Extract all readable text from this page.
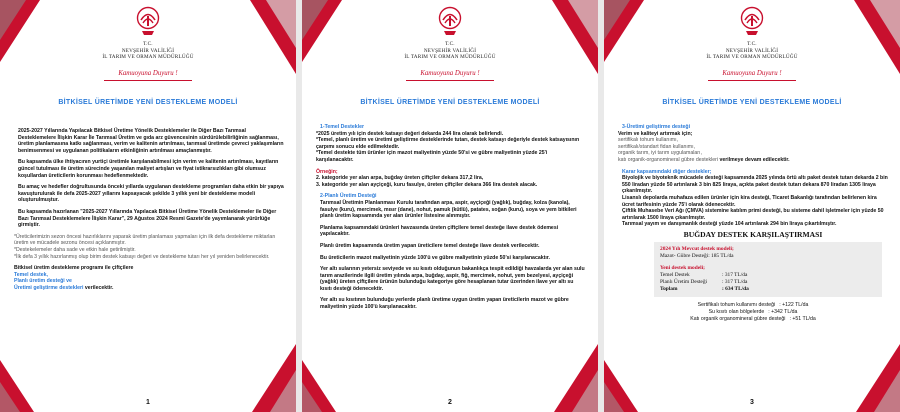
T.C.
NEVŞEHİR VALİLİĞİ
İL TARIM VE ORMAN MÜDÜRLÜĞÜ
Kamuoyuna Duyuru !
BİTKİSEL ÜRETİMDE YENİ DESTEKLEME MODELİ

2025-2027 Yıllarında Yapılacak Bitkisel Üretime Yönelik Desteklemeler ile Diğer Bazı Tarımsal Desteklemelere İlişkin Karar İle Tarımsal Üretim ve gıda arz güvencesinin sürdürülebilirliğinin sağlanması, üretim planlamasına katkı sağlanması, verim ve kalitenin artırılması, tarımsal üretimde çevreci yaklaşımların benimsenmesi ve uygulanan politikaların etkinliğinin artırılması amaçlanmıştır.

Bu kapsamda ülke ihtiyacının yurtiçi üretimle karşılanabilmesi için verim ve kalitenin artırılması, kayıtların güncel tutulması ile üretim sürecinde yaşanılan maliyet artışları ve fiyat istikrarsızlıkları gibi olumsuz koşullardan üreticilerin korunması hedeflenmektedir.

Bu amaç ve hedefler doğrultusunda önceki yıllarda uygulanan destekleme programları daha etkin bir yapıya kavuşturulurak ile defa 2025-2027 yıllarını kapsayacak şekilde 3 yıllık yeni bir destekleme modeli oluşturulmuştur.

Bu kapsamda hazırlanan "2025-2027 Yıllarında Yapılacak Bitkisel Üretime Yönelik Desteklemeler ile Diğer Bazı Tarımsal Desteklemelere İlişkin Karar", 29 Ağustos 2024 Resmi Gazete'de yayımlanarak yürürlüğe girmiştir.

*Üreticilerimizin sezon öncesi hazırlıklarını yaparak üretim planlaması yapmaları için ilk defa destekleme miktarları üretim ve mücadele sezonu öncesi açıklanmıştır.
*Destekelemeler daha sade ve etkin hale getirilmiştir.
*İlk defa 3 yıllık hazırlanmış olup birim destek katsayı değeri ve destekleme tutarı her yıl yeniden belirlenecektir.
Bitkisel üretim destekleme programı ile çiftçilere
Temel destek,
Planlı üretim desteği ve
Üretimi geliştirme destekleri verilecektir.
1
T.C.
NEVŞEHİR VALİLİĞİ
İL TARIM VE ORMAN MÜDÜRLÜĞÜ
Kamuoyuna Duyuru !
BİTKİSEL ÜRETİMDE YENİ DESTEKLEME MODELİ
1-Temel Destekler
*2025 üretim yılı için destek katsayı değeri dekarda 244 lira olarak belirlendi.
*Temel, planlı üretim ve üretimi geliştirme desteklerinde tutarı, destek katsayı değeriyle destek katsayısının çarpımı sonucu elde edilmektedir.

*Temel destekte tüm ürünler için mazot maliyetinin yüzde 50'si ve gübre maliyetinin yüzde 25'i karşılanacaktır.

Örneğin;
2. kategoride yer alan arpa, buğday üreten çiftçiler dekara 317,2 lira,

3. kategoride yer alan ayçiçeği, kuru fasulye, üreten çiftçiler dekara 366 lira destek alacak.

2-Planlı Üretim Desteği

Tarımsal Üretimin Planlanması Kurulu tarafından arpa, aspir, ayçiçeği (yağlık), buğday, kolza (kanola), fasulye (kuru), mercimek, mısır (dane), nohut, pamuk (kütlü), patates, soğan (kuru), soya ve yem bitkileri planlı üretim kapsamında yer alan ürünler listesine alınmıştır.

Planlama kapsamındaki ürünleri havzasında üreten çiftçilere temel desteğe ilave destek ödemesi yapılacaktır.

Planlı üretim kapsamında üretim yapan üreticilere temel desteğe ilave destek verilecektir.

Bu üreticilerin mazot maliyetinin yüzde 100'ü ve gübre maliyetinin yüzde 50'si karşılanacaktır.

Yer altı sularının yetersiz seviyede ve su kısıtı olduğunun bakanlıkça tespit edildiği havzalarda yer alan sulu tarım arazilerinde ilgili üretim yılında arpa, buğday, aspir, fiğ, mercimek, nohut, yem bezelyesi, ayçiçeği (yağlık) üreten çiftçilere ürünün bulunduğu kategoriye göre hesaplanan tutar üzerinden ilave yer altı su kısıtı desteği ödenecektir.

Yer altı su kısıtının bulunduğu yerlerde planlı üretime uygun üretim yapan üreticilerin mazot ve gübre maliyetinin yüzde 100'ü karşılanacaktır.

2
T.C.
NEVŞEHİR VALİLİĞİ
İL TARIM VE ORMAN MÜDÜRLÜĞÜ
Kamuoyuna Duyuru !
BİTKİSEL ÜRETİMDE YENİ DESTEKLEME MODELİ
3-Üretimi geliştirme desteği
Verim ve kaliteyi artırmak için;
sertifikalı tohum kullanımı,
sertifikalı/standart fidan kullanımı,
organik tarım, iyi tarım uygulamaları,

katı organik-organomineral gübre destekleri verilmeye devam edilecektir.

Karar kapsamındaki diğer destekler;
Biyolojik ve biyoteknik mücadele desteği kapsamında 2025 yılında örtü altı paket destek tutarı dekarda 2 bin 550 liradan yüzde 50 artırılarak 3 bin 825 liraya, açıkta paket destek tutarı dekara 870 liradan 1305 liraya çıkarılmıştır.
Lisanslı depolarda muhafaza edilen ürünler için kira desteği, Ticaret Bakanlığı tarafından belirlenen kira ücret tarifesinin yüzde 75'i olarak ödenecektir.
Çiftlik Muhasebe Veri Ağı (ÇMVA) sistemine katılım primi desteği, bu sisteme dahil işletmeler için yüzde 50 artırılarak 1500 liraya çıkarılmıştır.
Tarımsal yayım ve danışmanlık desteği yüzde 104 artırılarak 294 bin liraya çıkartılmıştır.
BUĞDAY DESTEK KARŞILAŞTIRMASI
2024 Yılı Mevcut destek modeli;
Mazot- Gübre Desteği: 185 TL/da
Yeni destek modeli;
Temel Destek	: 317 TL/da
Planlı Üretim Desteği	: 317 TL/da
Toplam	: 634 TL/da
Sertifikalı tohum kullanımı desteği : +122 TL/da
Su kısıtı olan bölgelerde : +342 TL/da
Katı organik organomineral gübre desteği : +51 TL/da
3
